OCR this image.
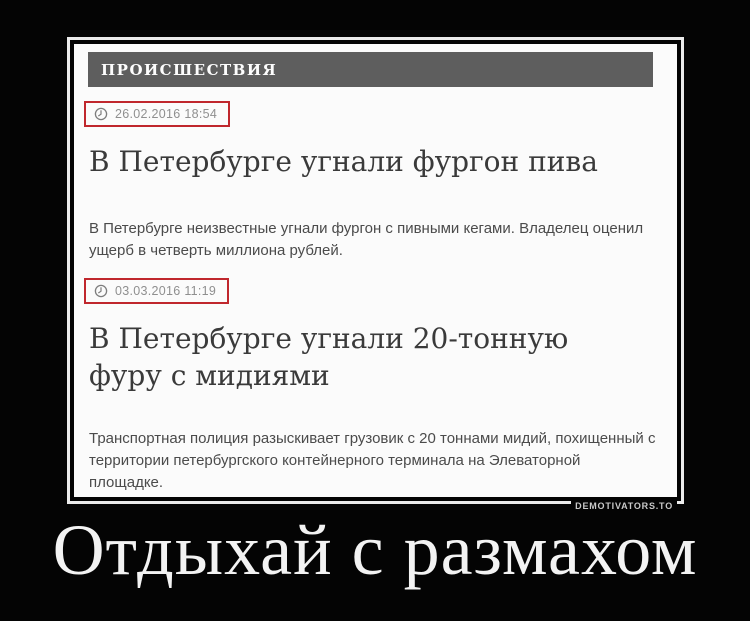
ПРОИСШЕСТВИЯ
26.02.2016 18:54
В Петербурге угнали фургон пива

В Петербурге неизвестные угнали фургон с пивными кегами. Владелец оценил ущерб в четверть миллиона рублей.

03.03.2016 11:19
В Петербурге угнали 20-тонную фуру с мидиями

Транспортная полиция разыскивает грузовик с 20 тоннами мидий, похищенный с территории петербургского контейнерного терминала на Элеваторной площадке.

DEMOTIVATORS.TO
Отдыхай с размахом
